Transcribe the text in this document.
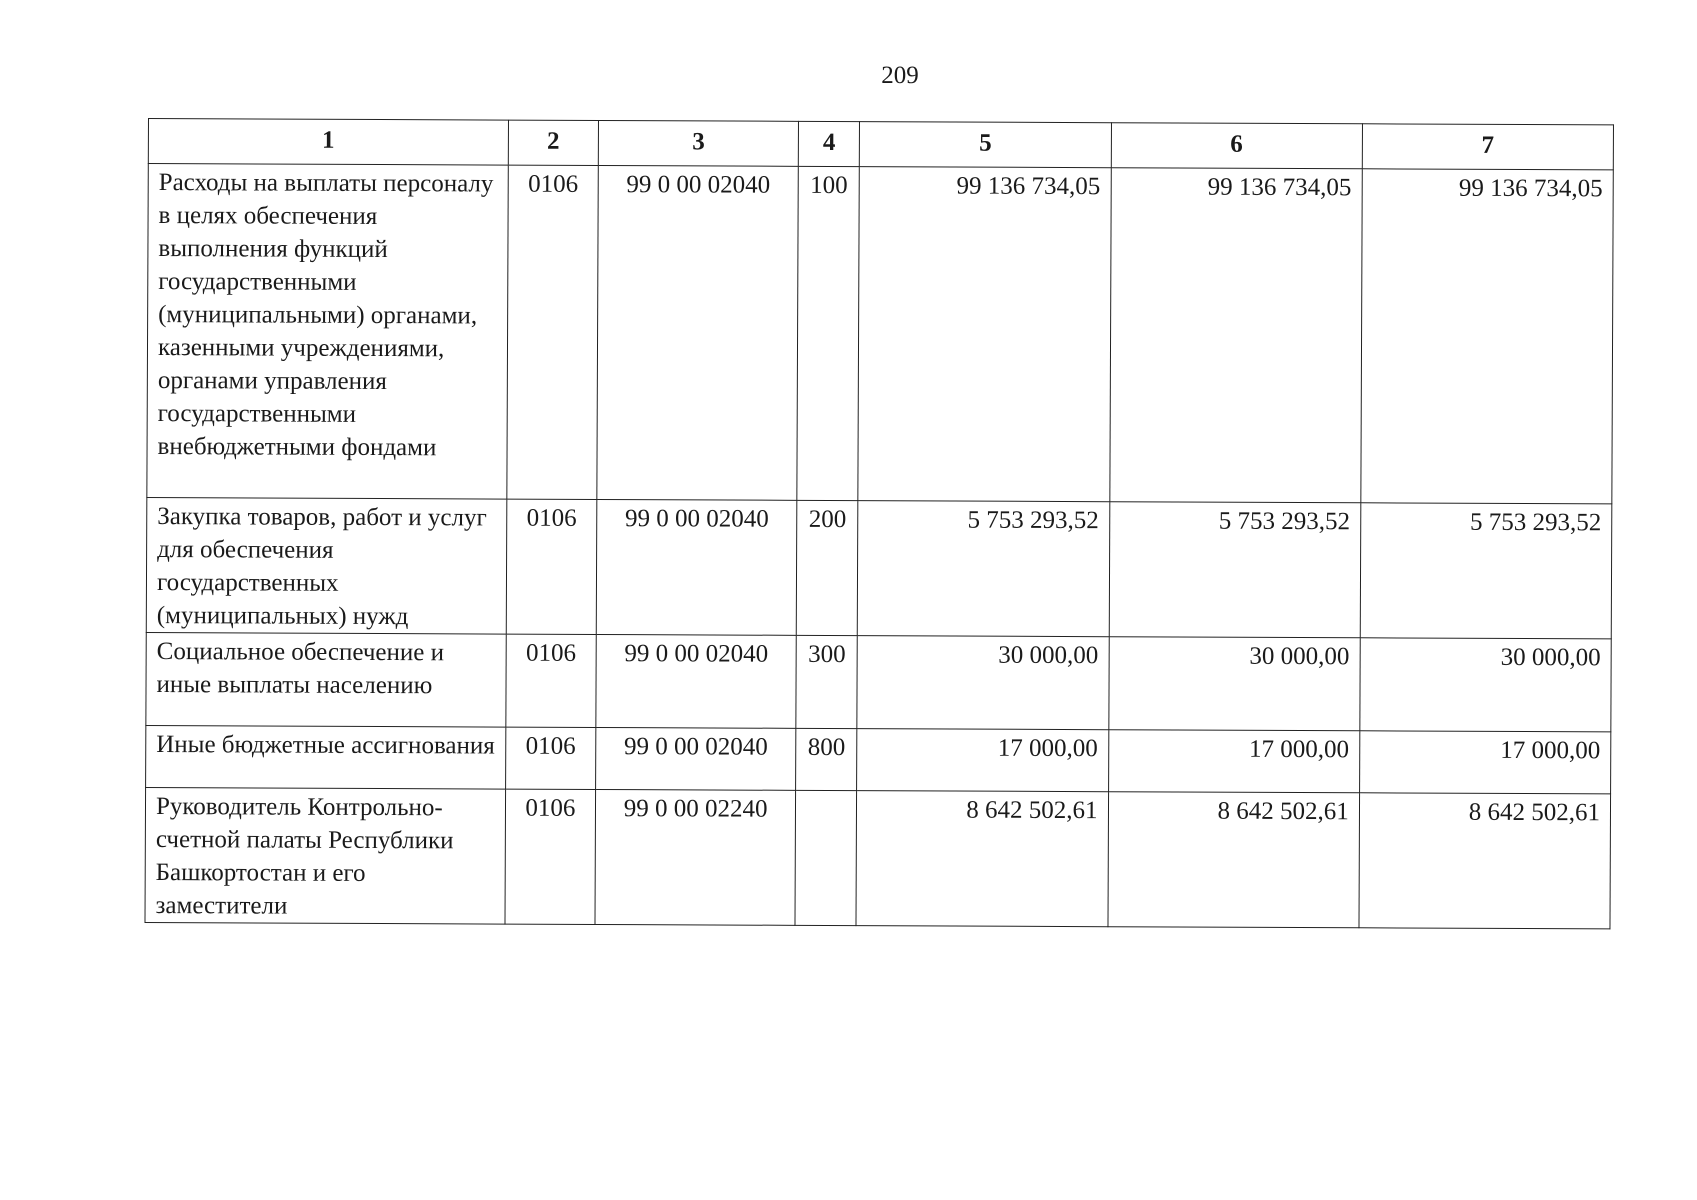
209
1	2	3	4	5	6	7
Расходы на выплаты персоналу в целях обеспечения выполнения функций государственными (муниципальными) органами, казенными учреждениями, органами управления государственными внебюджетными фондами	0106	99 0 00 02040	100	99 136 734,05	99 136 734,05	99 136 734,05
Закупка товаров, работ и услуг для обеспечения государственных (муниципальных) нужд	0106	99 0 00 02040	200	5 753 293,52	5 753 293,52	5 753 293,52
Социальное обеспечение и иные выплаты населению	0106	99 0 00 02040	300	30 000,00	30 000,00	30 000,00
Иные бюджетные ассигнования	0106	99 0 00 02040	800	17 000,00	17 000,00	17 000,00
Руководитель Контрольно-счетной палаты Республики Башкортостан и его заместители	0106	99 0 00 02240		8 642 502,61	8 642 502,61	8 642 502,61
